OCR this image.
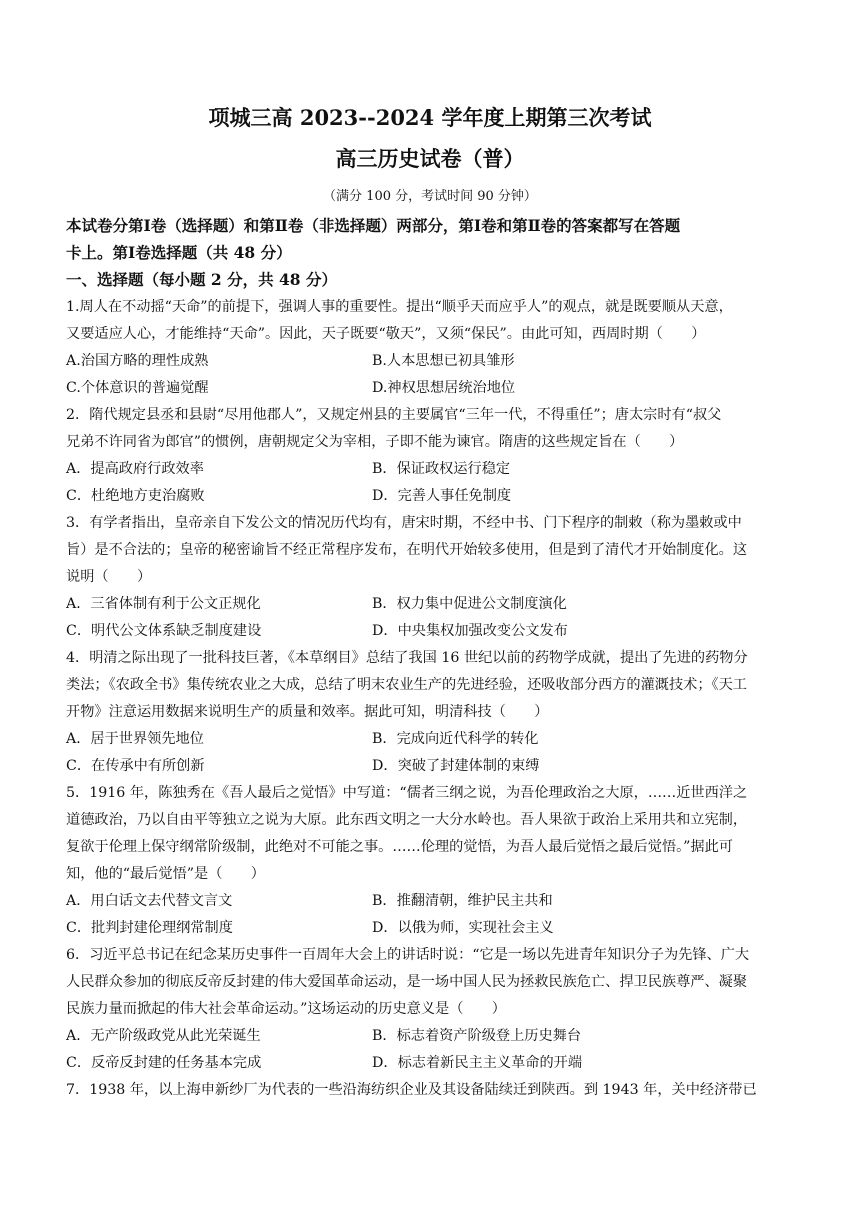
项城三高 2023--2024 学年度上期第三次考试
高三历史试卷（普）
（满分 100 分，考试时间 90 分钟）
本试卷分第Ⅰ卷（选择题）和第Ⅱ卷（非选择题）两部分，第Ⅰ卷和第Ⅱ卷的答案都写在答题
卡上。第Ⅰ卷选择题（共 48 分）
一、选择题（每小题 2 分，共 48 分）
1.周人在不动摇“天命”的前提下，强调人事的重要性。提出“顺乎天而应乎人”的观点，就是既要顺从天意，
又要适应人心，才能维持“天命”。因此，天子既要“敬天”，又须“保民”。由此可知，西周时期（　　）
A.治国方略的理性成熟	B.人本思想已初具雏形
C.个体意识的普遍觉醒	D.神权思想居统治地位
2．隋代规定县丞和县尉“尽用他郡人”，又规定州县的主要属官“三年一代，不得重任”；唐太宗时有“叔父
兄弟不许同省为郎官”的惯例，唐朝规定父为宰相，子即不能为谏官。隋唐的这些规定旨在（　　）
A．提高政府行政效率	B．保证政权运行稳定
C．杜绝地方吏治腐败	D．完善人事任免制度
3．有学者指出，皇帝亲自下发公文的情况历代均有，唐宋时期，不经中书、门下程序的制敕（称为墨敕或中
旨）是不合法的；皇帝的秘密谕旨不经正常程序发布，在明代开始较多使用，但是到了清代才开始制度化。这
说明（　　）
A．三省体制有利于公文正规化	B．权力集中促进公文制度演化
C．明代公文体系缺乏制度建设	D．中央集权加强改变公文发布
4．明清之际出现了一批科技巨著，《本草纲目》总结了我国 16 世纪以前的药物学成就，提出了先进的药物分
类法；《农政全书》集传统农业之大成，总结了明末农业生产的先进经验，还吸收部分西方的灌溉技术；《天工
开物》注意运用数据来说明生产的质量和效率。据此可知，明清科技（　　）
A．居于世界领先地位	B．完成向近代科学的转化
C．在传承中有所创新	D．突破了封建体制的束缚
5．1916 年，陈独秀在《吾人最后之觉悟》中写道：“儒者三纲之说，为吾伦理政治之大原，……近世西洋之
道德政治，乃以自由平等独立之说为大原。此东西文明之一大分水岭也。吾人果欲于政治上采用共和立宪制，
复欲于伦理上保守纲常阶级制，此绝对不可能之事。……伦理的觉悟，为吾人最后觉悟之最后觉悟。”据此可
知，他的“最后觉悟”是（　　）
A．用白话文去代替文言文	B．推翻清朝，维护民主共和
C．批判封建伦理纲常制度	D．以俄为师，实现社会主义
6．习近平总书记在纪念某历史事件一百周年大会上的讲话时说：“它是一场以先进青年知识分子为先锋、广大
人民群众参加的彻底反帝反封建的伟大爱国革命运动，是一场中国人民为拯救民族危亡、捍卫民族尊严、凝聚
民族力量而掀起的伟大社会革命运动。”这场运动的历史意义是（　　）
A．无产阶级政党从此光荣诞生	B．标志着资产阶级登上历史舞台
C．反帝反封建的任务基本完成	D．标志着新民主主义革命的开端
7．1938 年，以上海申新纱厂为代表的一些沿海纺织企业及其设备陆续迁到陕西。到 1943 年，关中经济带已
